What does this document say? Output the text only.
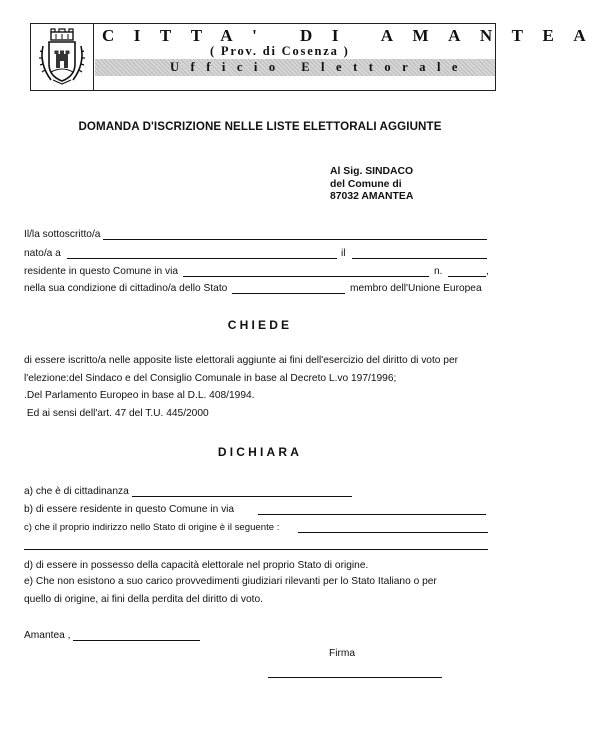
CITTA' DI AMANTEA
( Prov. di Cosenza )
Ufficio Elettorale
DOMANDA D'ISCRIZIONE NELLE LISTE ELETTORALI AGGIUNTE
Al Sig. SINDACO
del Comune di
87032 AMANTEA
Il/la sottoscritto/a
nato/a a	il
residente in questo Comune in via	n.	,
nella sua condizione di cittadino/a dello Stato	membro dell'Unione Europea
CHIEDE
di essere iscritto/a nelle apposite liste elettorali aggiunte ai fini dell'esercizio del diritto di voto per
l'elezione:del Sindaco e del Consiglio Comunale in base al Decreto L.vo 197/1996;
.Del Parlamento Europeo in base al D.L. 408/1994.
Ed ai sensi dell'art. 47 del T.U. 445/2000
DICHIARA
a) che è di cittadinanza
b) di essere residente in questo Comune in via
c) che il proprio indirizzo nello Stato di origine è il seguente :
d) di essere in possesso della capacità elettorale nel proprio Stato di origine.
e) Che non esistono a suo carico provvedimenti giudiziari rilevanti per lo Stato Italiano o per
quello di origine, ai fini della perdita del diritto di voto.
Amantea ,
Firma
